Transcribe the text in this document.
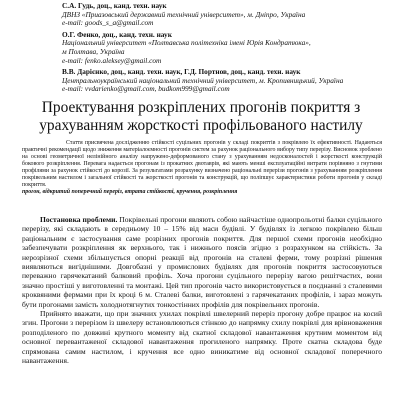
С.А. Гудь, доц., канд. техн. наук
ДВНЗ «Приазовський державний технічний університет», м. Дніпро, Україна
e-mail: goods_s_a@gmail.com
О.Г. Фенко, доц., канд. техн. наук
Національний університет «Полтавська політехніка імені Юрія Кондратюка»,
м Полтава, Україна
e-mail: fenko.aleksey@gmail.com
В.В. Дарієнко, доц., канд. техн. наук, Г.Д. Портнов, доц., канд. техн. наук
Центральноукраїнський національний технічний університет, м. Кропивницький, Україна
e-mail: vvdarienko@gmail.com, budkom999@gmail.com
Проектування розкріплених прогонів покриття з
урахуванням жорсткості профільованого настилу

Стаття присвячена дослідженню стійкості суцільних прогонів у складі покриттів з покрівлею їх ефективності. Надаються практичні рекомендації щодо зниження матеріалоємності прогонів систем за рахунок раціонального вибору типу перерізу. Висновок зроблено на основі геометричної нелінійного аналізу напружено-деформованого стану з урахуванням недосконалостей і жорсткості конструкцій бокового розкріплення. Перевага надається прогонам із прокатних двотаврів, які мають менші експлуатаційні витрати порівняно з гнутими профілями за рахунок стійкості до корозії. За результатами розрахунку визначено раціональні перерізи прогонів з урахуванням розкріплення покрівельним настилом і загальної стійкості та жорсткості прогонів та конструкцій, що поліпшує характеристики роботи прогонів у складі покриття.

прогон, відкритий поперечний переріз, втрата стійкості, кручення, розкріплення

Постановка проблеми. Покрівельні прогони являють собою найчастіше однопрольотні балки суцільного перерізу, які складають в середньому 10 – 15% від маси будівлі. У будівлях із легкою покрівлею більш раціональним є застосування саме розрізних прогонів покриття. Для першої схеми прогонів необхідно забезпечувати розкріплення як верхнього, так і нижнього поясів згідно з розрахунком на стійкість. За нерозрізної схеми збільшується опорні реакції від прогонів на сталеві ферми, тому розрізні рішення виявляються вигіднішими. Довгобазні у промислових будівлях для прогонів покриття застосовуються переважно гарячекатаний балковий профіль. Хоча прогони суцільного перерізу вагою решітчастих, вони значно простіші у виготовленні та монтажі. Цей тип прогонів часто використовується в поєднанні з сталевими кроквяними фермами при їх кроці 6 м. Сталеві балки, виготовлені з гарячекатаних профілів, і зараз можуть бути прогонами замість холоднотягнутих тонкостінних профілів для покрівельних прогонів.

Прийнято вважати, що при значних ухилах покрівлі швелерний переріз прогону добре працює на косий згин. Прогони з перерізом із швелеру встановлюються стінкою до напрямку схилу покрівлі для врівноваження розподіленого по довжині крутного моменту від скатної складової навантаження крутним моментом від основної перевантаженої складової навантаження прогиленого напрямку. Проте скатна складова буде спрямована самим настилом, і кручення все одно виникатиме від основної складової поперечного навантаження.
